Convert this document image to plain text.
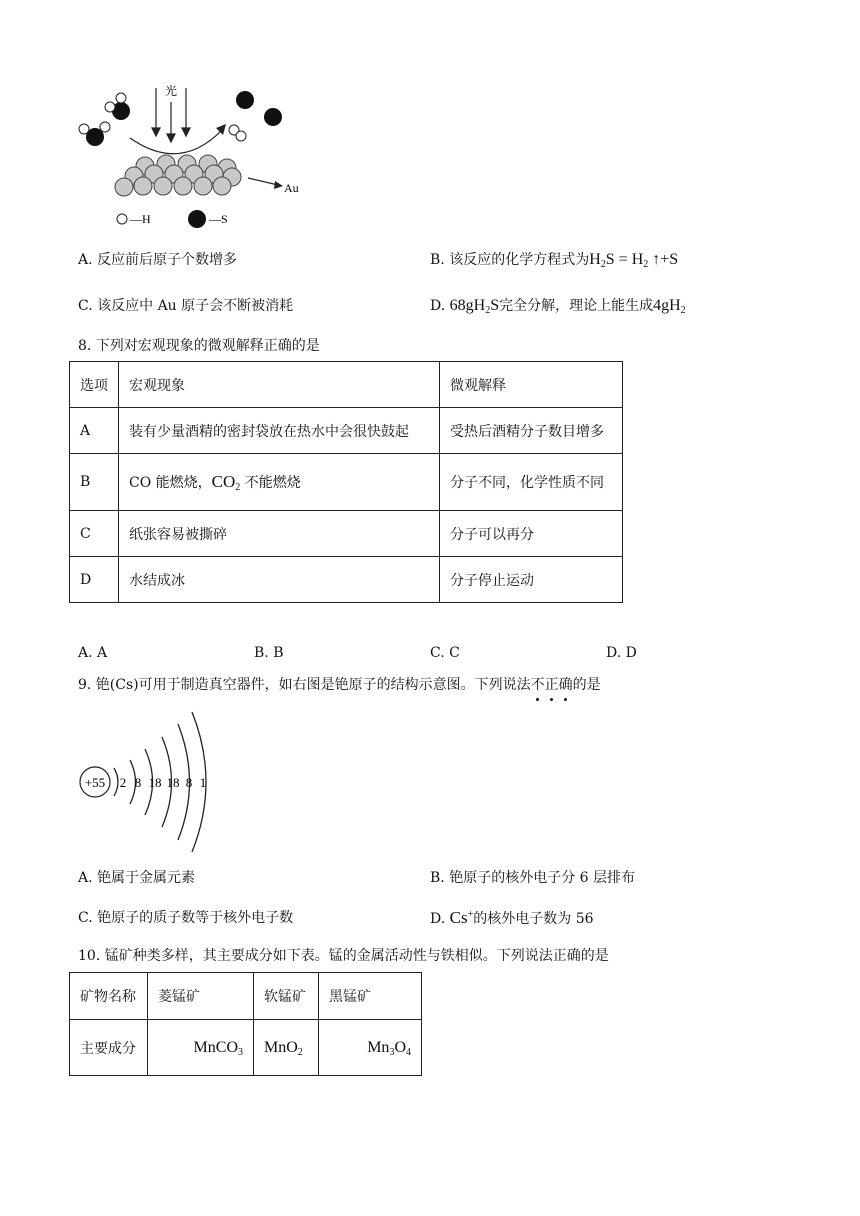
光
Au
—H	—S
A. 反应前后原子个数增多	B. 该反应的化学方程式为$H_2S = H_2$ ↑+S
C. 该反应中 Au 原子会不断被消耗	D. $68gH_2S$完全分解，理论上能生成$4gH_2$
8. 下列对宏观现象的微观解释正确的是
选项	宏观现象	微观解释
A	装有少量酒精的密封袋放在热水中会很快鼓起	受热后酒精分子数目增多
B	CO 能燃烧，$CO_2$ 不能燃烧	分子不同，化学性质不同
C	纸张容易被撕碎	分子可以再分
D	水结成冰	分子停止运动
A. A	B. B	C. C	D. D
9. 铯(Cs)可用于制造真空器件，如右图是铯原子的结构示意图。下列说法不正确的是
+55 2 8 18 18 8 1
A. 铯属于金属元素	B. 铯原子的核外电子分 6 层排布
C. 铯原子的质子数等于核外电子数	D. Cs+的核外电子数为 56
10. 锰矿种类多样，其主要成分如下表。锰的金属活动性与铁相似。下列说法正确的是
矿物名称	菱锰矿	软锰矿	黑锰矿
主要成分	MnCO$_3$	MnO$_2$	$Mn_3O_4$
